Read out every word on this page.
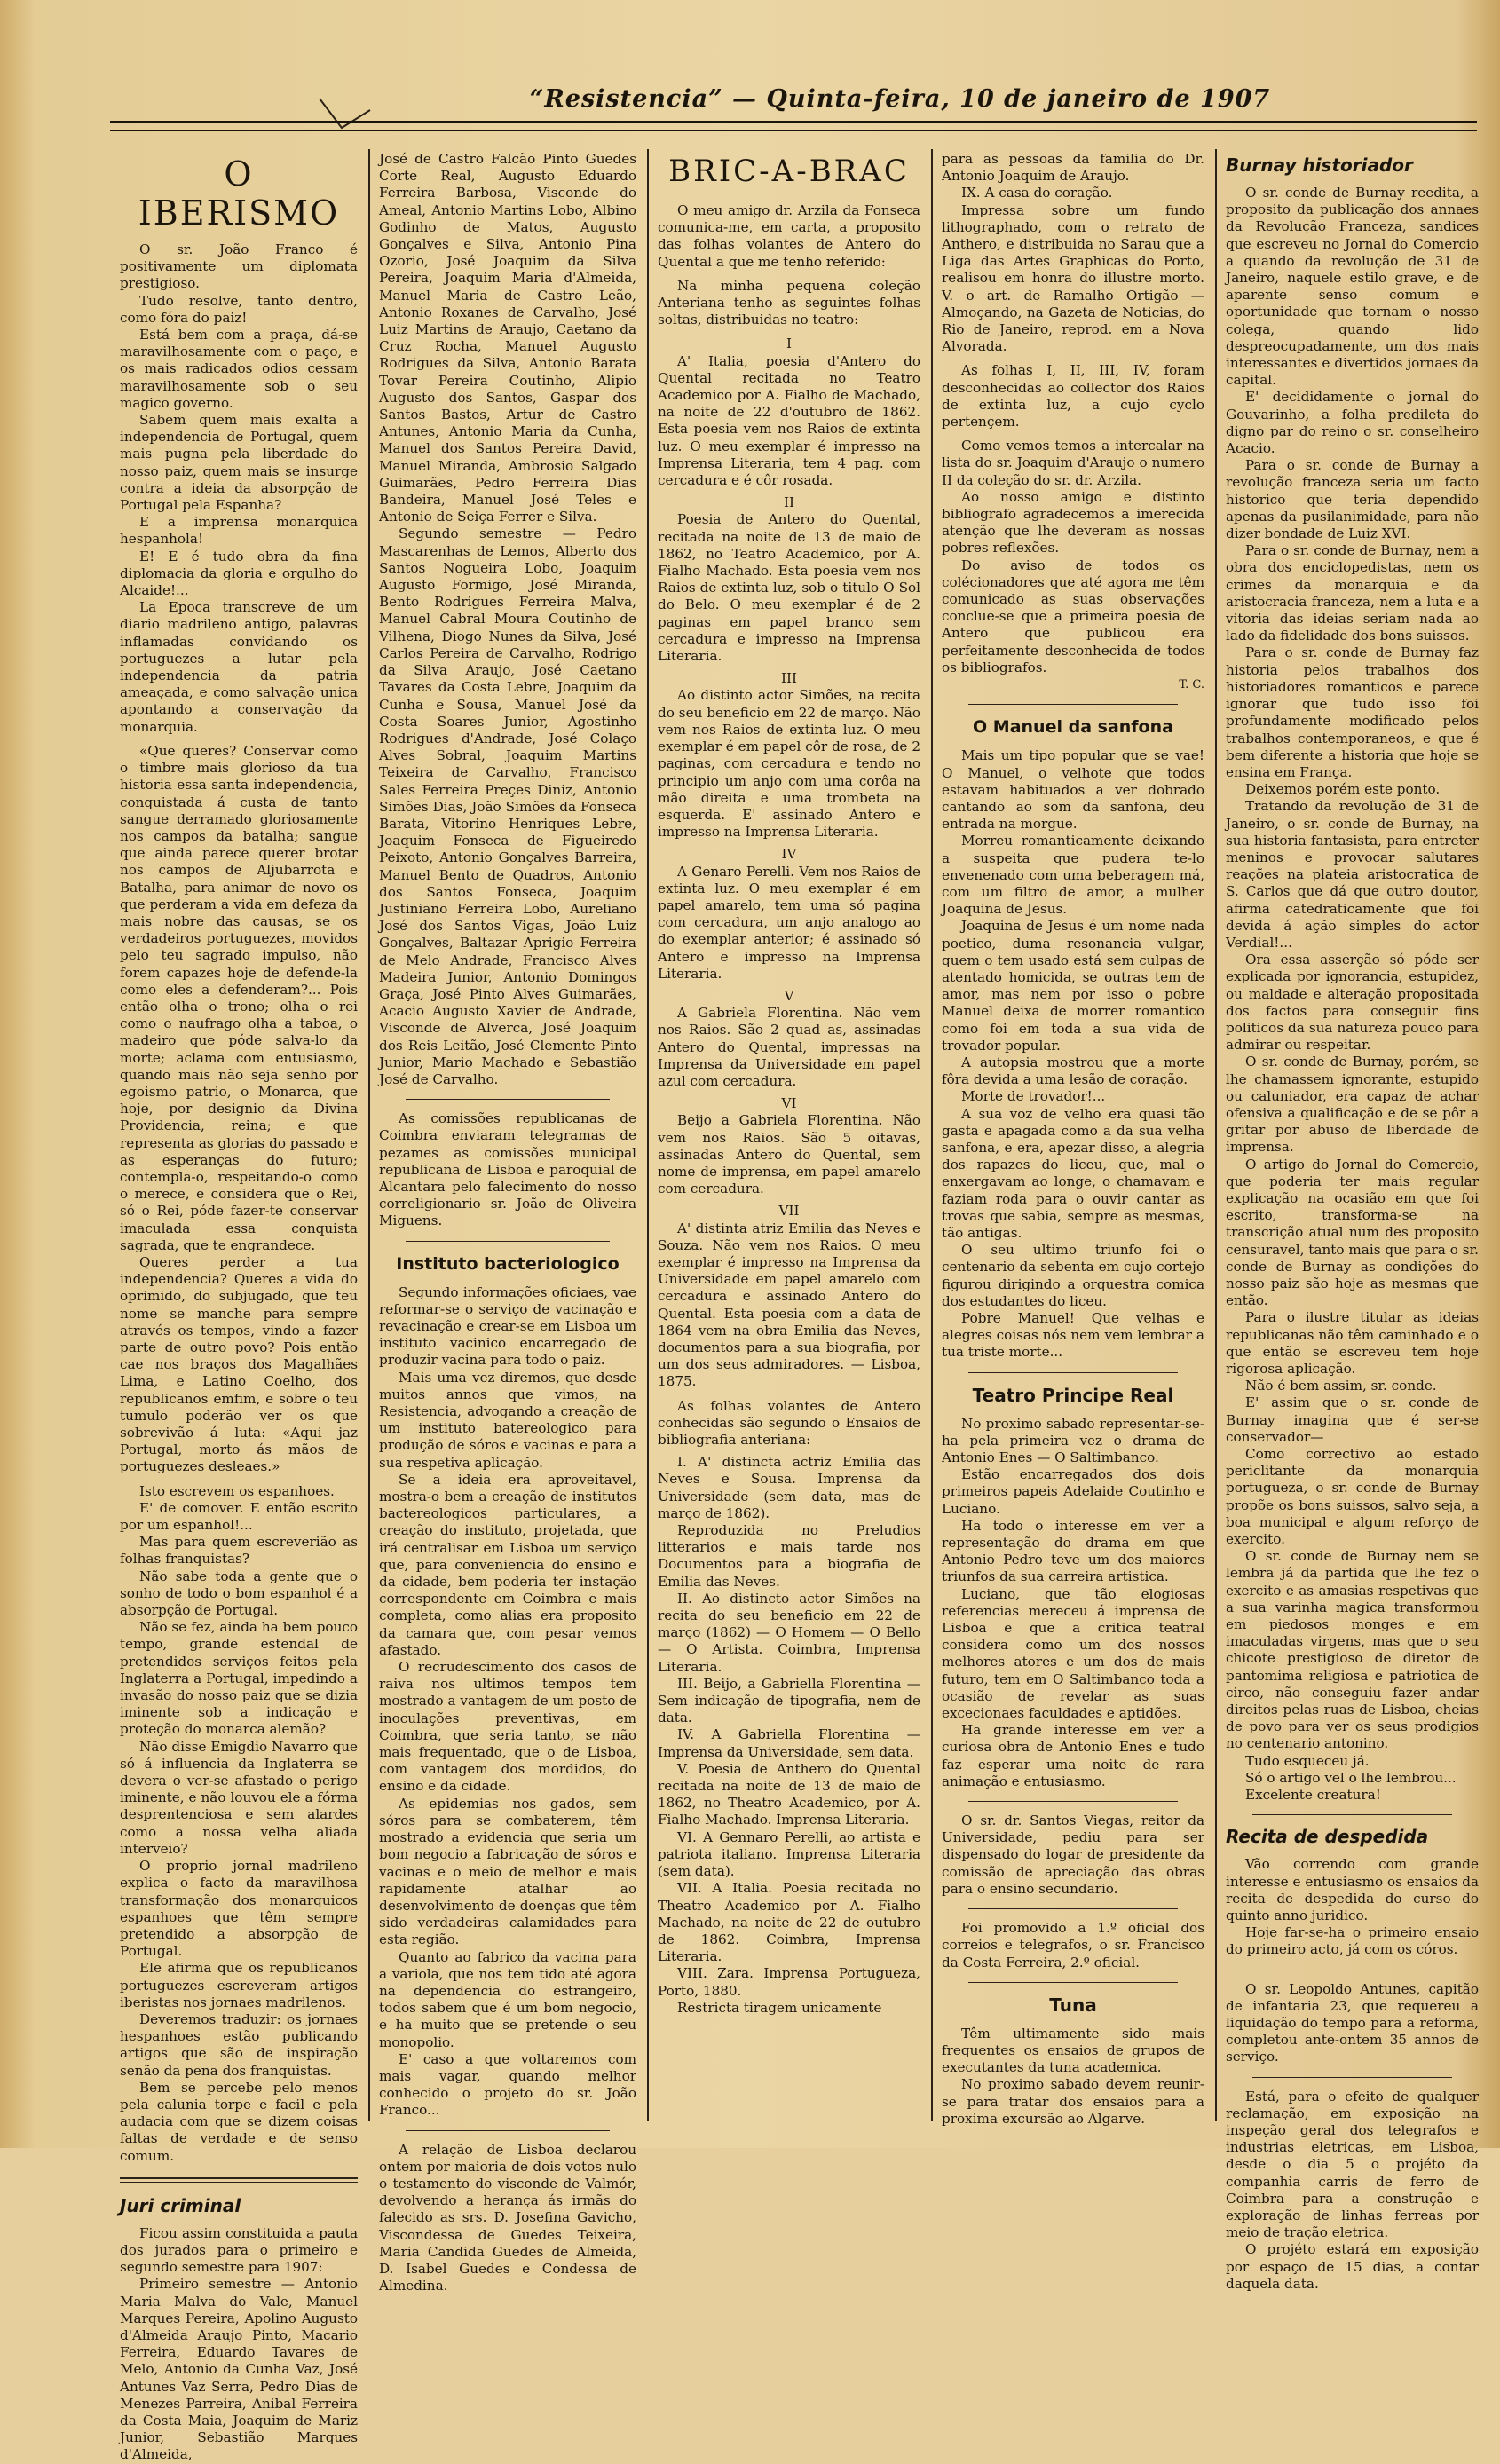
“Resistencia” — Quinta-feira, 10 de janeiro de 1907
O IBERISMO

O sr. João Franco é positivamente um diplomata prestigioso.

Tudo resolve, tanto dentro, como fóra do paiz!

Está bem com a praça, dá-se maravilhosamente com o paço, e os mais radicados odios cessam maravilhosamente sob o seu magico governo.

Sabem quem mais exalta a independencia de Portugal, quem mais pugna pela liberdade do nosso paiz, quem mais se insurge contra a ideia da absorpção de Portugal pela Espanha?

E a imprensa monarquica hespanhola!

E! E é tudo obra da fina diplomacia da gloria e orgulho do Alcaide!...

La Epoca transcreve de um diario madrileno antigo, palavras inflamadas convidando os portuguezes a lutar pela independencia da patria ameaçada, e como salvação unica apontando a conservação da monarquia.

«Que queres? Conservar como o timbre mais glorioso da tua historia essa santa independencia, conquistada á custa de tanto sangue derramado gloriosamente nos campos da batalha; sangue que ainda parece querer brotar nos campos de Aljubarrota e Batalha, para animar de novo os que perderam a vida em defeza da mais nobre das causas, se os verdadeiros portuguezes, movidos pelo teu sagrado impulso, não forem capazes hoje de defende-la como eles a defenderam?... Pois então olha o trono; olha o rei como o naufrago olha a taboa, o madeiro que póde salva-lo da morte; aclama com entusiasmo, quando mais não seja senho por egoismo patrio, o Monarca, que hoje, por designio da Divina Providencia, reina; e que representa as glorias do passado e as esperanças do futuro; contempla-o, respeitando-o como o merece, e considera que o Rei, só o Rei, póde fazer-te conservar imaculada essa conquista sagrada, que te engrandece.

Queres perder a tua independencia? Queres a vida do oprimido, do subjugado, que teu nome se manche para sempre através os tempos, vindo a fazer parte de outro povo? Pois então cae nos braços dos Magalhães Lima, e Latino Coelho, dos republicanos emfim, e sobre o teu tumulo poderão ver os que sobrevivão á luta: «Aqui jaz Portugal, morto ás mãos de portuguezes desleaes.»

Isto escrevem os espanhoes.

E' de comover. E então escrito por um espanhol!...

Mas para quem escreverião as folhas franquistas?

Não sabe toda a gente que o sonho de todo o bom espanhol é a absorpção de Portugal.

Não se fez, ainda ha bem pouco tempo, grande estendal de pretendidos serviços feitos pela Inglaterra a Portugal, impedindo a invasão do nosso paiz que se dizia iminente sob a indicação e proteção do monarca alemão?

Não disse Emigdio Navarro que só á influencia da Inglaterra se devera o ver-se afastado o perigo iminente, e não louvou ele a fórma desprentenciosa e sem alardes como a nossa velha aliada interveio?

O proprio jornal madrileno explica o facto da maravilhosa transformação dos monarquicos espanhoes que têm sempre pretendido a absorpção de Portugal.

Ele afirma que os republicanos portuguezes escreveram artigos iberistas nos jornaes madrilenos.

Deveremos traduzir: os jornaes hespanhoes estão publicando artigos que são de inspiração senão da pena dos franquistas.

Bem se percebe pelo menos pela calunia torpe e facil e pela audacia com que se dizem coisas faltas de verdade e de senso comum.

Juri criminal

Ficou assim constituida a pauta dos jurados para o primeiro e segundo semestre para 1907:

Primeiro semestre — Antonio Maria Malva do Vale, Manuel Marques Pereira, Apolino Augusto d'Almeida Araujo Pinto, Macario Ferreira, Eduardo Tavares de Melo, Antonio da Cunha Vaz, José Antunes Vaz Serra, Pedro Dias de Menezes Parreira, Anibal Ferreira da Costa Maia, Joaquim de Mariz Junior, Sebastião Marques d'Almeida,

José de Castro Falcão Pinto Guedes Corte Real, Augusto Eduardo Ferreira Barbosa, Visconde do Ameal, Antonio Martins Lobo, Albino Godinho de Matos, Augusto Gonçalves e Silva, Antonio Pina Ozorio, José Joaquim da Silva Pereira, Joaquim Maria d'Almeida, Manuel Maria de Castro Leão, Antonio Roxanes de Carvalho, José Luiz Martins de Araujo, Caetano da Cruz Rocha, Manuel Augusto Rodrigues da Silva, Antonio Barata Tovar Pereira Coutinho, Alipio Augusto dos Santos, Gaspar dos Santos Bastos, Artur de Castro Antunes, Antonio Maria da Cunha, Manuel dos Santos Pereira David, Manuel Miranda, Ambrosio Salgado Guimarães, Pedro Ferreira Dias Bandeira, Manuel José Teles e Antonio de Seiça Ferrer e Silva.

Segundo semestre — Pedro Mascarenhas de Lemos, Alberto dos Santos Nogueira Lobo, Joaquim Augusto Formigo, José Miranda, Bento Rodrigues Ferreira Malva, Manuel Cabral Moura Coutinho de Vilhena, Diogo Nunes da Silva, José Carlos Pereira de Carvalho, Rodrigo da Silva Araujo, José Caetano Tavares da Costa Lebre, Joaquim da Cunha e Sousa, Manuel José da Costa Soares Junior, Agostinho Rodrigues d'Andrade, José Colaço Alves Sobral, Joaquim Martins Teixeira de Carvalho, Francisco Sales Ferreira Preçes Diniz, Antonio Simões Dias, João Simões da Fonseca Barata, Vitorino Henriques Lebre, Joaquim Fonseca de Figueiredo Peixoto, Antonio Gonçalves Barreira, Manuel Bento de Quadros, Antonio dos Santos Fonseca, Joaquim Justiniano Ferreira Lobo, Aureliano José dos Santos Vigas, João Luiz Gonçalves, Baltazar Aprigio Ferreira de Melo Andrade, Francisco Alves Madeira Junior, Antonio Domingos Graça, José Pinto Alves Guimarães, Acacio Augusto Xavier de Andrade, Visconde de Alverca, José Joaquim dos Reis Leitão, José Clemente Pinto Junior, Mario Machado e Sebastião José de Carvalho.

As comissões republicanas de Coimbra enviaram telegramas de pezames as comissões municipal republicana de Lisboa e paroquial de Alcantara pelo falecimento do nosso correligionario sr. João de Oliveira Miguens.

Instituto bacteriologico

Segundo informações oficiaes, vae reformar-se o serviço de vacinação e revacinação e crear-se em Lisboa um instituto vacinico encarregado de produzir vacina para todo o paiz.

Mais uma vez diremos, que desde muitos annos que vimos, na Resistencia, advogando a creação de um instituto batereologico para produção de sóros e vacinas e para a sua respetiva aplicação.

Se a ideia era aproveitavel, mostra-o bem a creação de institutos bactereologicos particulares, a creação do instituto, projetada, que irá centralisar em Lisboa um serviço que, para conveniencia do ensino e da cidade, bem poderia ter instação correspondente em Coimbra e mais completa, como alias era proposito da camara que, com pesar vemos afastado.

O recrudescimento dos casos de raiva nos ultimos tempos tem mostrado a vantagem de um posto de inoculações preventivas, em Coimbra, que seria tanto, se não mais frequentado, que o de Lisboa, com vantagem dos mordidos, do ensino e da cidade.

As epidemias nos gados, sem sóros para se combaterem, têm mostrado a evidencia que seria um bom negocio a fabricação de sóros e vacinas e o meio de melhor e mais rapidamente atalhar ao desenvolvimento de doenças que têm sido verdadeiras calamidades para esta região.

Quanto ao fabrico da vacina para a variola, que nos tem tido até agora na dependencia do estrangeiro, todos sabem que é um bom negocio, e ha muito que se pretende o seu monopolio.

E' caso a que voltaremos com mais vagar, quando melhor conhecido o projeto do sr. João Franco...

A relação de Lisboa declarou ontem por maioria de dois votos nulo o testamento do visconde de Valmór, devolvendo a herança ás irmãs do falecido as srs. D. Josefina Gavicho, Viscondessa de Guedes Teixeira, Maria Candida Guedes de Almeida, D. Isabel Guedes e Condessa de Almedina.

BRIC-A-BRAC

O meu amigo dr. Arzila da Fonseca comunica-me, em carta, a proposito das folhas volantes de Antero do Quental a que me tenho referido:

Na minha pequena coleção Anteriana tenho as seguintes folhas soltas, distribuidas no teatro:

I

A' Italia, poesia d'Antero do Quental recitada no Teatro Academico por A. Fialho de Machado, na noite de 22 d'outubro de 1862. Esta poesia vem nos Raios de extinta luz. O meu exemplar é impresso na Imprensa Literaria, tem 4 pag. com cercadura e é côr rosada.

II

Poesia de Antero do Quental, recitada na noite de 13 de maio de 1862, no Teatro Academico, por A. Fialho Machado. Esta poesia vem nos Raios de extinta luz, sob o titulo O Sol do Belo. O meu exemplar é de 2 paginas em papel branco sem cercadura e impresso na Imprensa Literaria.

III

Ao distinto actor Simões, na recita do seu beneficio em 22 de março. Não vem nos Raios de extinta luz. O meu exemplar é em papel côr de rosa, de 2 paginas, com cercadura e tendo no principio um anjo com uma corôa na mão direita e uma trombeta na esquerda. E' assinado Antero e impresso na Imprensa Literaria.

IV

A Genaro Perelli. Vem nos Raios de extinta luz. O meu exemplar é em papel amarelo, tem uma só pagina com cercadura, um anjo analogo ao do exemplar anterior; é assinado só Antero e impresso na Imprensa Literaria.

V

A Gabriela Florentina. Não vem nos Raios. São 2 quad as, assinadas Antero do Quental, impressas na Imprensa da Universidade em papel azul com cercadura.

VI

Beijo a Gabriela Florentina. Não vem nos Raios. São 5 oitavas, assinadas Antero do Quental, sem nome de imprensa, em papel amarelo com cercadura.

VII

A' distinta atriz Emilia das Neves e Souza. Não vem nos Raios. O meu exemplar é impresso na Imprensa da Universidade em papel amarelo com cercadura e assinado Antero do Quental. Esta poesia com a data de 1864 vem na obra Emilia das Neves, documentos para a sua biografia, por um dos seus admiradores. — Lisboa, 1875.

As folhas volantes de Antero conhecidas são segundo o Ensaios de bibliografia anteriana:

I. A' distincta actriz Emilia das Neves e Sousa. Imprensa da Universidade (sem data, mas de março de 1862).

Reproduzida no Preludios litterarios e mais tarde nos Documentos para a biografia de Emilia das Neves.

II. Ao distincto actor Simões na recita do seu beneficio em 22 de março (1862) — O Homem — O Bello — O Artista. Coimbra, Imprensa Literaria.

III. Beijo, a Gabriella Florentina — Sem indicação de tipografia, nem de data.

IV. A Gabriella Florentina — Imprensa da Universidade, sem data.

V. Poesia de Anthero do Quental recitada na noite de 13 de maio de 1862, no Theatro Academico, por A. Fialho Machado. Imprensa Literaria.

VI. A Gennaro Perelli, ao artista e patriota italiano. Imprensa Literaria (sem data).

VII. A Italia. Poesia recitada no Theatro Academico por A. Fialho Machado, na noite de 22 de outubro de 1862. Coimbra, Imprensa Literaria.

VIII. Zara. Imprensa Portugueza, Porto, 1880.

Restricta tiragem unicamente

para as pessoas da familia do Dr. Antonio Joaquim de Araujo.

IX. A casa do coração.

Impressa sobre um fundo lithographado, com o retrato de Anthero, e distribuida no Sarau que a Liga das Artes Graphicas do Porto, realisou em honra do illustre morto. V. o art. de Ramalho Ortigão — Almoçando, na Gazeta de Noticias, do Rio de Janeiro, reprod. em a Nova Alvorada.

As folhas I, II, III, IV, foram desconhecidas ao collector dos Raios de extinta luz, a cujo cyclo pertençem.

Como vemos temos a intercalar na lista do sr. Joaquim d'Araujo o numero II da coleção do sr. dr. Arzila.

Ao nosso amigo e distinto bibliografo agradecemos a imerecida atenção que lhe deveram as nossas pobres reflexões.

Do aviso de todos os colécionadores que até agora me têm comunicado as suas observações conclue-se que a primeira poesia de Antero que publicou era perfeitamente desconhecida de todos os bibliografos.

T. C.

O Manuel da sanfona

Mais um tipo popular que se vae! O Manuel, o velhote que todos estavam habituados a ver dobrado cantando ao som da sanfona, deu entrada na morgue.

Morreu romanticamente deixando a suspeita que pudera te-lo envenenado com uma beberagem má, com um filtro de amor, a mulher Joaquina de Jesus.

Joaquina de Jesus é um nome nada poetico, duma resonancia vulgar, quem o tem usado está sem culpas de atentado homicida, se outras tem de amor, mas nem por isso o pobre Manuel deixa de morrer romantico como foi em toda a sua vida de trovador popular.

A autopsia mostrou que a morte fôra devida a uma lesão de coração.

Morte de trovador!...

A sua voz de velho era quasi tão gasta e apagada como a da sua velha sanfona, e era, apezar disso, a alegria dos rapazes do liceu, que, mal o enxergavam ao longe, o chamavam e faziam roda para o ouvir cantar as trovas que sabia, sempre as mesmas, tão antigas.

O seu ultimo triunfo foi o centenario da sebenta em cujo cortejo figurou dirigindo a orquestra comica dos estudantes do liceu.

Pobre Manuel! Que velhas e alegres coisas nós nem vem lembrar a tua triste morte...

Teatro Principe Real

No proximo sabado representar-se-ha pela primeira vez o drama de Antonio Enes — O Saltimbanco.

Estão encarregados dos dois primeiros papeis Adelaide Coutinho e Luciano.

Ha todo o interesse em ver a representação do drama em que Antonio Pedro teve um dos maiores triunfos da sua carreira artistica.

Luciano, que tão elogiosas referencias mereceu á imprensa de Lisboa e que a critica teatral considera como um dos nossos melhores atores e um dos de mais futuro, tem em O Saltimbanco toda a ocasião de revelar as suas excecionaes faculdades e aptidões.

Ha grande interesse em ver a curiosa obra de Antonio Enes e tudo faz esperar uma noite de rara animação e entusiasmo.

O sr. dr. Santos Viegas, reitor da Universidade, pediu para ser dispensado do logar de presidente da comissão de apreciação das obras para o ensino secundario.

Foi promovido a 1.º oficial dos correios e telegrafos, o sr. Francisco da Costa Ferreira, 2.º oficial.

Tuna

Têm ultimamente sido mais frequentes os ensaios de grupos de executantes da tuna academica.

No proximo sabado devem reunir-se para tratar dos ensaios para a proxima excursão ao Algarve.

Burnay historiador

O sr. conde de Burnay reedita, a proposito da publicação dos annaes da Revolução Franceza, sandices que escreveu no Jornal do Comercio a quando da revolução de 31 de Janeiro, naquele estilo grave, e de aparente senso comum e oportunidade que tornam o nosso colega, quando lido despreocupadamente, um dos mais interessantes e divertidos jornaes da capital.

E' decididamente o jornal do Gouvarinho, a folha predileta do digno par do reino o sr. conselheiro Acacio.

Para o sr. conde de Burnay a revolução franceza seria um facto historico que teria dependido apenas da pusilanimidade, para não dizer bondade de Luiz XVI.

Para o sr. conde de Burnay, nem a obra dos enciclopedistas, nem os crimes da monarquia e da aristocracia franceza, nem a luta e a vitoria das ideias seriam nada ao lado da fidelidade dos bons suissos.

Para o sr. conde de Burnay faz historia pelos trabalhos dos historiadores romanticos e parece ignorar que tudo isso foi profundamente modificado pelos trabalhos contemporaneos, e que é bem diferente a historia que hoje se ensina em França.

Deixemos porém este ponto.

Tratando da revolução de 31 de Janeiro, o sr. conde de Burnay, na sua historia fantasista, para entreter meninos e provocar salutares reações na plateia aristocratica de S. Carlos que dá que outro doutor, afirma catedraticamente que foi devida á ação simples do actor Verdial!...

Ora essa asserção só póde ser explicada por ignorancia, estupidez, ou maldade e alteração propositada dos factos para conseguir fins politicos da sua natureza pouco para admirar ou respeitar.

O sr. conde de Burnay, porém, se lhe chamassem ignorante, estupido ou caluniador, era capaz de achar ofensiva a qualificação e de se pôr a gritar por abuso de liberdade de imprensa.

O artigo do Jornal do Comercio, que poderia ter mais regular explicação na ocasião em que foi escrito, transforma-se na transcrição atual num des proposito censuravel, tanto mais que para o sr. conde de Burnay as condições do nosso paiz são hoje as mesmas que então.

Para o ilustre titular as ideias republicanas não têm caminhado e o que então se escreveu tem hoje rigorosa aplicação.

Não é bem assim, sr. conde.

E' assim que o sr. conde de Burnay imagina que é ser-se conservador—

Como correctivo ao estado periclitante da monarquia portugueza, o sr. conde de Burnay propõe os bons suissos, salvo seja, a boa municipal e algum reforço de exercito.

O sr. conde de Burnay nem se lembra já da partida que lhe fez o exercito e as amasias respetivas que a sua varinha magica transformou em piedosos monges e em imaculadas virgens, mas que o seu chicote prestigioso de diretor de pantomima religiosa e patriotica de circo, não conseguiu fazer andar direitos pelas ruas de Lisboa, cheias de povo para ver os seus prodigios no centenario antonino.

Tudo esqueceu já.

Só o artigo vel o lhe lembrou...

Excelente creatura!

Recita de despedida

Vão correndo com grande interesse e entusiasmo os ensaios da recita de despedida do curso do quinto anno juridico.

Hoje far-se-ha o primeiro ensaio do primeiro acto, já com os córos.

O sr. Leopoldo Antunes, capitão de infantaria 23, que requereu a liquidação do tempo para a reforma, completou ante-ontem 35 annos de serviço.

Está, para o efeito de qualquer reclamação, em exposição na inspeção geral dos telegrafos e industrias eletricas, em Lisboa, desde o dia 5 o projéto da companhia carris de ferro de Coimbra para a construção e exploração de linhas ferreas por meio de tração eletrica.

O projéto estará em exposição por espaço de 15 dias, a contar daquela data.
